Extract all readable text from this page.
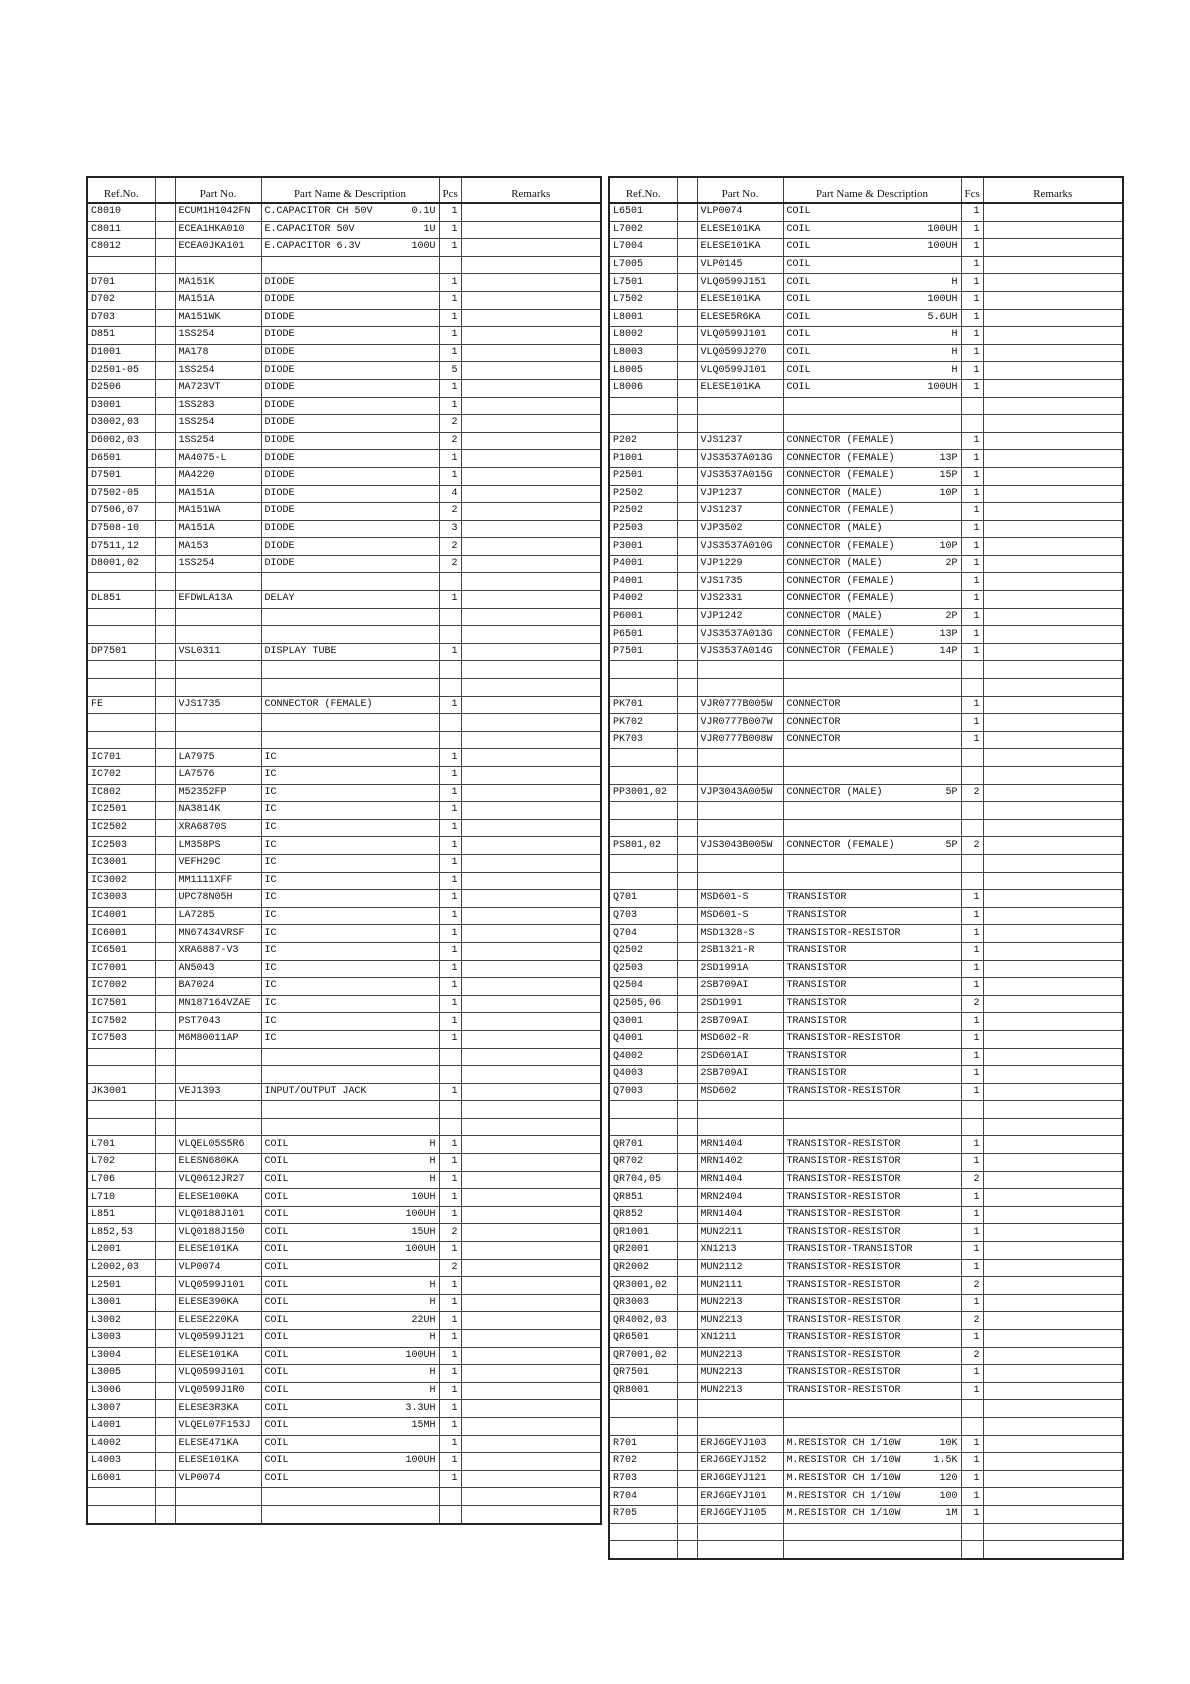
Ref.No.		Part No.	Part Name & Description	Pcs	Remarks
C8010		ECUM1H1042FN	C.CAPACITOR CH 50V 0.1U	1	
C8011		ECEA1HKA010	E.CAPACITOR 50V 1U	1	
C8012		ECEA0JKA101	E.CAPACITOR 6.3V 100U	1	

D701		MA151K	DIODE	1	
D702		MA151A	DIODE	1	
D703		MA151WK	DIODE	1	
D851		1SS254	DIODE	1	
D1001		MA178	DIODE	1	
D2501-05		1SS254	DIODE	5	
D2506		MA723VT	DIODE	1	
D3001		1SS283	DIODE	1	
D3002,03		1SS254	DIODE	2	
D6002,03		1SS254	DIODE	2	
D6501		MA4075-L	DIODE	1	
D7501		MA4220	DIODE	1	
D7502-05		MA151A	DIODE	4	
D7506,07		MA151WA	DIODE	2	
D7508-10		MA151A	DIODE	3	
D7511,12		MA153	DIODE	2	
D8001,02		1SS254	DIODE	2	

DL851		EFDWLA13A	DELAY	1	

DP7501		VSL0311	DISPLAY TUBE	1	

FE		VJS1735	CONNECTOR (FEMALE)	1	

IC701		LA7975	IC	1	
IC702		LA7576	IC	1	
IC802		M52352FP	IC	1	
IC2501		NA3814K	IC	1	
IC2502		XRA6870S	IC	1	
IC2503		LM358PS	IC	1	
IC3001		VEFH29C	IC	1	
IC3002		MM1111XFF	IC	1	
IC3003		UPC78N05H	IC	1	
IC4001		LA7285	IC	1	
IC6001		MN67434VRSF	IC	1	
IC6501		XRA6887-V3	IC	1	
IC7001		AN5043	IC	1	
IC7002		BA7024	IC	1	
IC7501		MN187164VZAE	IC	1	
IC7502		PST7043	IC	1	
IC7503		M6M80011AP	IC	1	

JK3001		VEJ1393	INPUT/OUTPUT JACK	1	

L701		VLQEL05S5R6	COIL H	1	
L702		ELESN680KA	COIL H	1	
L706		VLQ0612JR27	COIL H	1	
L710		ELESE100KA	COIL 10UH	1	
L851		VLQ0188J101	COIL 100UH	1	
L852,53		VLQ0188J150	COIL 15UH	2	
L2001		ELESE101KA	COIL 100UH	1	
L2002,03		VLP0074	COIL	2	
L2501		VLQ0599J101	COIL H	1	
L3001		ELESE390KA	COIL H	1	
L3002		ELESE220KA	COIL 22UH	1	
L3003		VLQ0599J121	COIL H	1	
L3004		ELESE101KA	COIL 100UH	1	
L3005		VLQ0599J101	COIL H	1	
L3006		VLQ0599J1R0	COIL H	1	
L3007		ELESE3R3KA	COIL 3.3UH	1	
L4001		VLQEL07F153J	COIL 15MH	1	
L4002		ELESE471KA	COIL	1	
L4003		ELESE101KA	COIL 100UH	1	
L6001		VLP0074	COIL	1	

Ref.No.		Part No.	Part Name & Description	Fcs	Remarks
L6501		VLP0074	COIL	1	
L7002		ELESE101KA	COIL 100UH	1	
L7004		ELESE101KA	COIL 100UH	1	
L7005		VLP0145	COIL	1	
L7501		VLQ0599J151	COIL H	1	
L7502		ELESE101KA	COIL 100UH	1	
L8001		ELESE5R6KA	COIL 5.6UH	1	
L8002		VLQ0599J101	COIL H	1	
L8003		VLQ0599J270	COIL H	1	
L8005		VLQ0599J101	COIL H	1	
L8006		ELESE101KA	COIL 100UH	1	

P202		VJS1237	CONNECTOR (FEMALE)	1	
P1001		VJS3537A013G	CONNECTOR (FEMALE) 13P	1	
P2501		VJS3537A015G	CONNECTOR (FEMALE) 15P	1	
P2502		VJP1237	CONNECTOR (MALE) 10P	1	
P2502		VJS1237	CONNECTOR (FEMALE)	1	
P2503		VJP3502	CONNECTOR (MALE)	1	
P3001		VJS3537A010G	CONNECTOR (FEMALE) 10P	1	
P4001		VJP1229	CONNECTOR (MALE) 2P	1	
P4001		VJS1735	CONNECTOR (FEMALE)	1	
P4002		VJS2331	CONNECTOR (FEMALE)	1	
P6001		VJP1242	CONNECTOR (MALE) 2P	1	
P6501		VJS3537A013G	CONNECTOR (FEMALE) 13P	1	
P7501		VJS3537A014G	CONNECTOR (FEMALE) 14P	1	

PK701		VJR0777B005W	CONNECTOR	1	
PK702		VJR0777B007W	CONNECTOR	1	
PK703		VJR0777B008W	CONNECTOR	1	

PP3001,02		VJP3043A005W	CONNECTOR (MALE) 5P	2	

PS801,02		VJS3043B005W	CONNECTOR (FEMALE) 5P	2	

Q701		MSD601-S	TRANSISTOR	1	
Q703		MSD601-S	TRANSISTOR	1	
Q704		MSD1328-S	TRANSISTOR-RESISTOR	1	
Q2502		2SB1321-R	TRANSISTOR	1	
Q2503		2SD1991A	TRANSISTOR	1	
Q2504		2SB709AI	TRANSISTOR	1	
Q2505,06		2SD1991	TRANSISTOR	2	
Q3001		2SB709AI	TRANSISTOR	1	
Q4001		MSD602-R	TRANSISTOR-RESISTOR	1	
Q4002		2SD601AI	TRANSISTOR	1	
Q4003		2SB709AI	TRANSISTOR	1	
Q7003		MSD602	TRANSISTOR-RESISTOR	1	

QR701		MRN1404	TRANSISTOR-RESISTOR	1	
QR702		MRN1402	TRANSISTOR-RESISTOR	1	
QR704,05		MRN1404	TRANSISTOR-RESISTOR	2	
QR851		MRN2404	TRANSISTOR-RESISTOR	1	
QR852		MRN1404	TRANSISTOR-RESISTOR	1	
QR1001		MUN2211	TRANSISTOR-RESISTOR	1	
QR2001		XN1213	TRANSISTOR-TRANSISTOR	1	
QR2002		MUN2112	TRANSISTOR-RESISTOR	1	
QR3001,02		MUN2111	TRANSISTOR-RESISTOR	2	
QR3003		MUN2213	TRANSISTOR-RESISTOR	1	
QR4002,03		MUN2213	TRANSISTOR-RESISTOR	2	
QR6501		XN1211	TRANSISTOR-RESISTOR	1	
QR7001,02		MUN2213	TRANSISTOR-RESISTOR	2	
QR7501		MUN2213	TRANSISTOR-RESISTOR	1	
QR8001		MUN2213	TRANSISTOR-RESISTOR	1	

R701		ERJ6GEYJ103	M.RESISTOR CH 1/10W 10K	1	
R702		ERJ6GEYJ152	M.RESISTOR CH 1/10W 1.5K	1	
R703		ERJ6GEYJ121	M.RESISTOR CH 1/10W 120	1	
R704		ERJ6GEYJ101	M.RESISTOR CH 1/10W 100	1	
R705		ERJ6GEYJ105	M.RESISTOR CH 1/10W 1M	1	
